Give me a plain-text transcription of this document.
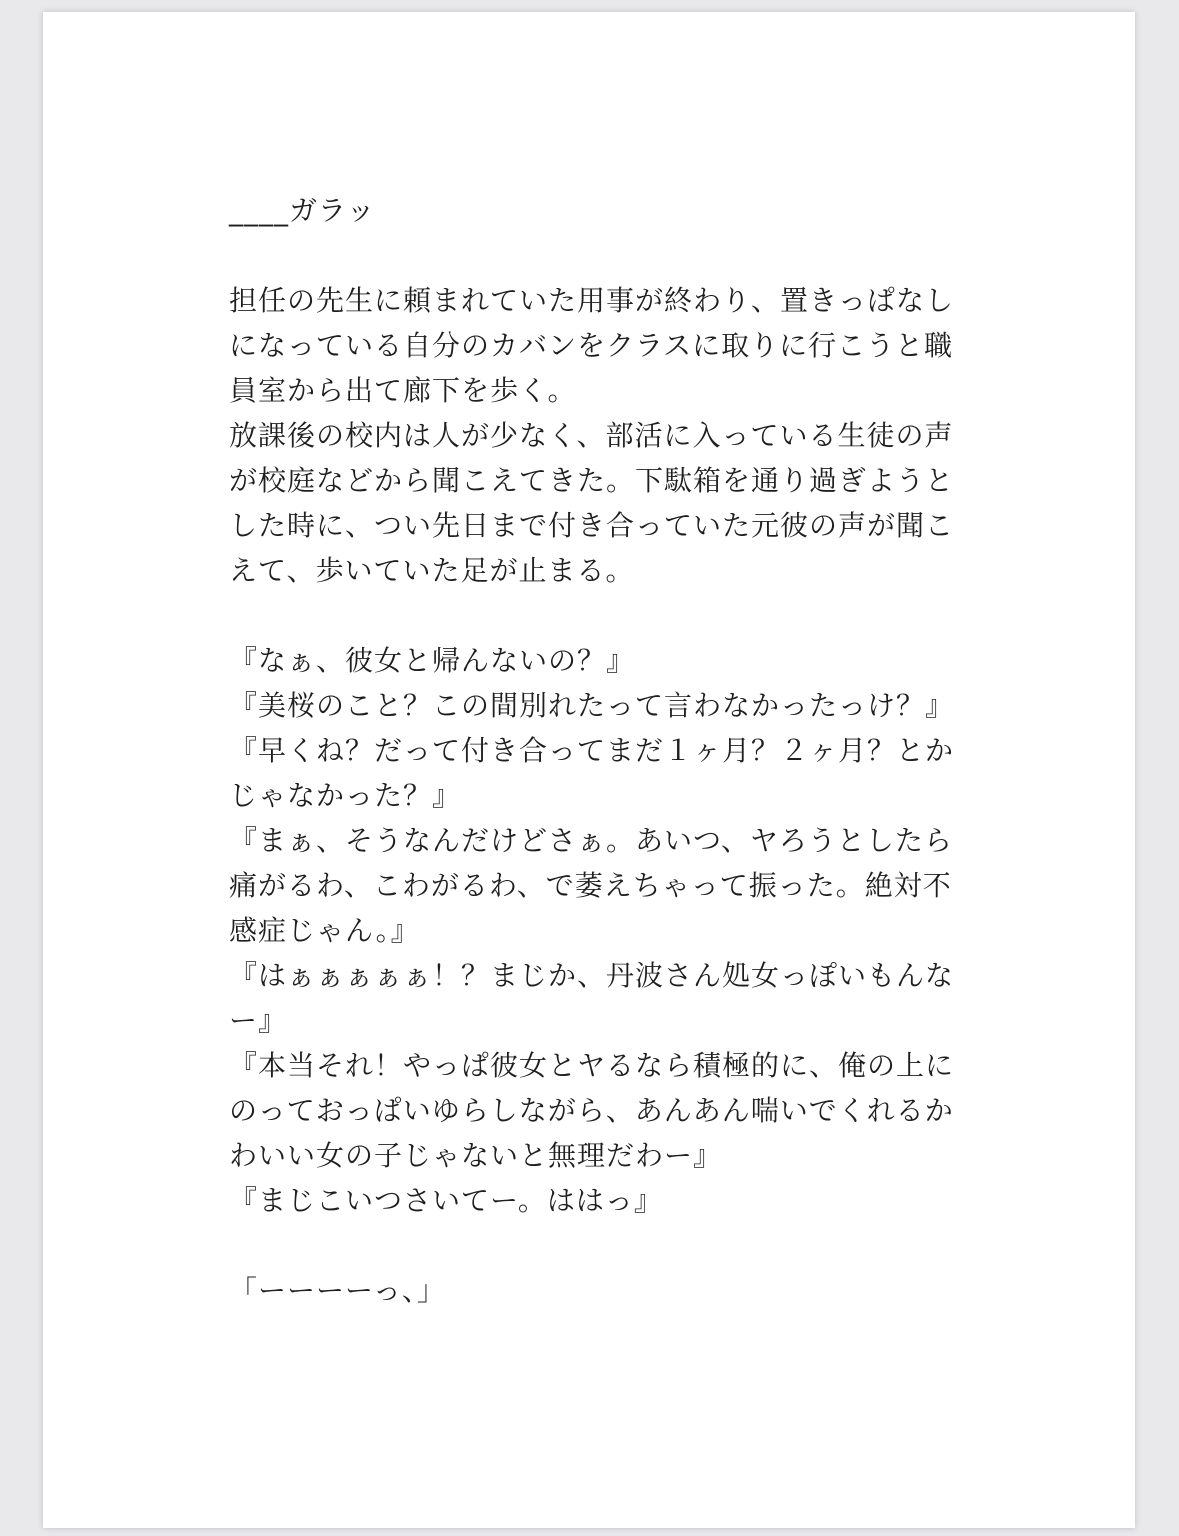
____ガラッ
担任の先生に頼まれていた用事が終わり、置きっぱなし
になっている自分のカバンをクラスに取りに行こうと職
員室から出て廊下を歩く。
放課後の校内は人が少なく、部活に入っている生徒の声
が校庭などから聞こえてきた。下駄箱を通り過ぎようと
した時に、つい先日まで付き合っていた元彼の声が聞こ
えて、歩いていた足が止まる。
『なぁ、彼女と帰んないの？』
『美桜のこと？この間別れたって言わなかったっけ？』
『早くね？だって付き合ってまだ１ヶ月？２ヶ月？とか
じゃなかった？』
『まぁ、そうなんだけどさぁ。あいつ、ヤろうとしたら
痛がるわ、こわがるわ、で萎えちゃって振った。絶対不
感症じゃん。』
『はぁぁぁぁぁ！？まじか、丹波さん処女っぽいもんな
ー』
『本当それ！やっぱ彼女とヤるなら積極的に、俺の上に
のっておっぱいゆらしながら、あんあん喘いでくれるか
わいい女の子じゃないと無理だわー』
『まじこいつさいてー。ははっ』
「ーーーーっ、」
